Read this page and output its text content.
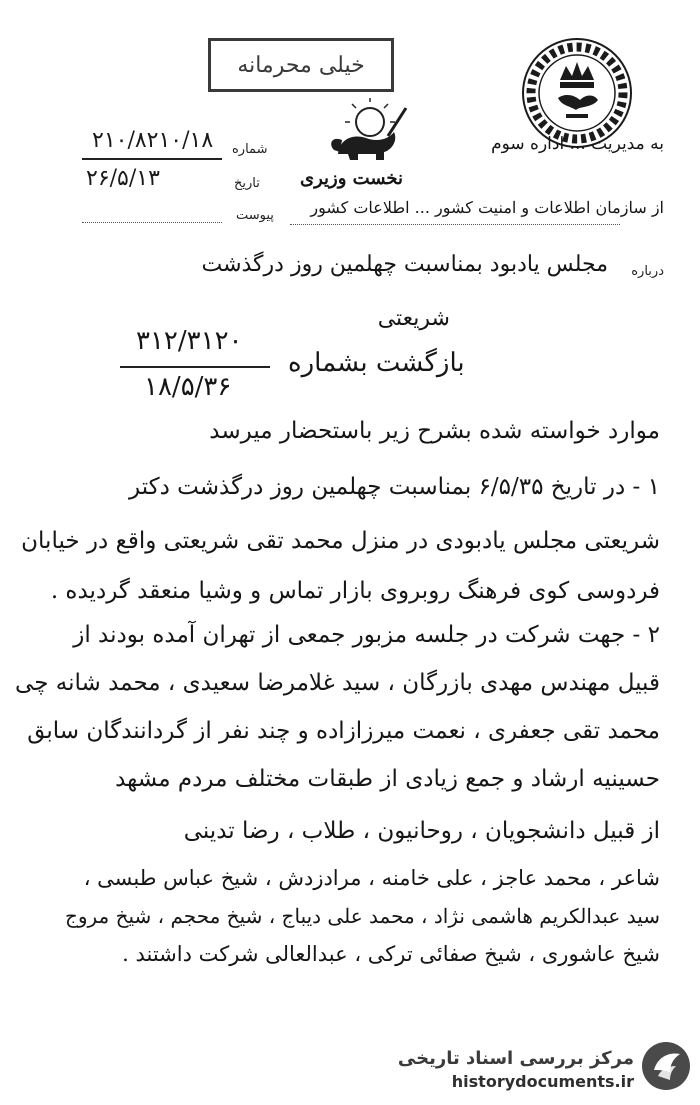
خیلی محرمانه
شماره
۲۱۰/۸۲۱۰/۱۸
تاریخ
۲۶/۵/۱۳
پیوست
به مدیریت ... اداره سوم
نخست وزیری
از سازمان اطلاعات و امنیت کشور ... اطلاعات کشور
درباره
مجلس یادبود بمناسبت چهلمین روز درگذشت
شریعتی
۳۱۲/۳۱۲۰
۱۸/۵/۳۶
بازگشت بشماره
موارد خواسته شده بشرح زیر باستحضار میرسد
۱ - در تاریخ ۶/۵/۳۵ بمناسبت چهلمین روز درگذشت دکتر
شریعتی مجلس یادبودی در منزل محمد تقی شریعتی واقع در خیابان
فردوسی کوی فرهنگ روبروی بازار تماس و وشیا منعقد گردیده .
۲ - جهت شرکت در جلسه مزبور جمعی از تهران آمده بودند از
قبیل مهندس مهدی بازرگان ، سید غلامرضا سعیدی ، محمد شانه چی
محمد تقی جعفری ، نعمت میرزازاده و چند نفر از گردانندگان سابق
حسینیه ارشاد و جمع زیادی از طبقات مختلف مردم مشهد
از قبیل دانشجویان ، روحانیون ، طلاب ، رضا تدینی
شاعر ، محمد عاجز ، علی خامنه ، مرادزدش ، شیخ عباس طبسی ،
سید عبدالکریم هاشمی نژاد ، محمد علی دیباج ، شیخ محجم ، شیخ مروج
شیخ عاشوری ، شیخ صفائی ترکی ، عبدالعالی شرکت داشتند .
مرکز بررسی اسناد تاریخی
historydocuments.ir
